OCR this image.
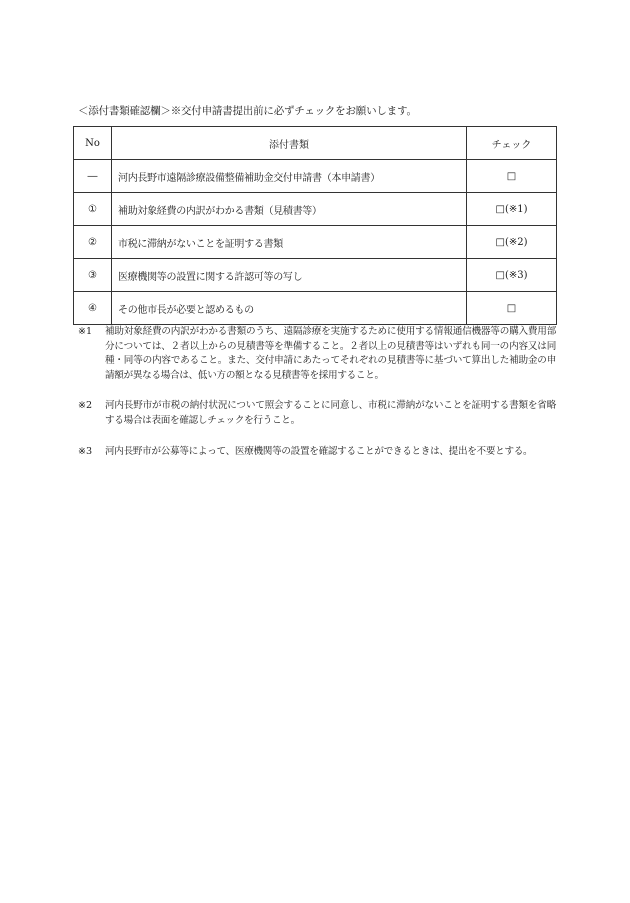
＜添付書類確認欄＞※交付申請書提出前に必ずチェックをお願いします。
No	添付書類	チェック
―	河内長野市遠隔診療設備整備補助金交付申請書（本申請書）	□
①	補助対象経費の内訳がわかる書類（見積書等）	□(※1)
②	市税に滞納がないことを証明する書類	□(※2)
③	医療機関等の設置に関する許認可等の写し	□(※3)
④	その他市長が必要と認めるもの	□
※1	補助対象経費の内訳がわかる書類のうち、遠隔診療を実施するために使用する情報通信機器等の購入費用部分については、２者以上からの見積書等を準備すること。２者以上の見積書等はいずれも同一の内容又は同種・同等の内容であること。また、交付申請にあたってそれぞれの見積書等に基づいて算出した補助金の申請額が異なる場合は、低い方の額となる見積書等を採用すること。
※2	河内長野市が市税の納付状況について照会することに同意し、市税に滞納がないことを証明する書類を省略する場合は表面を確認しチェックを行うこと。
※3	河内長野市が公募等によって、医療機関等の設置を確認することができるときは、提出を不要とする。
